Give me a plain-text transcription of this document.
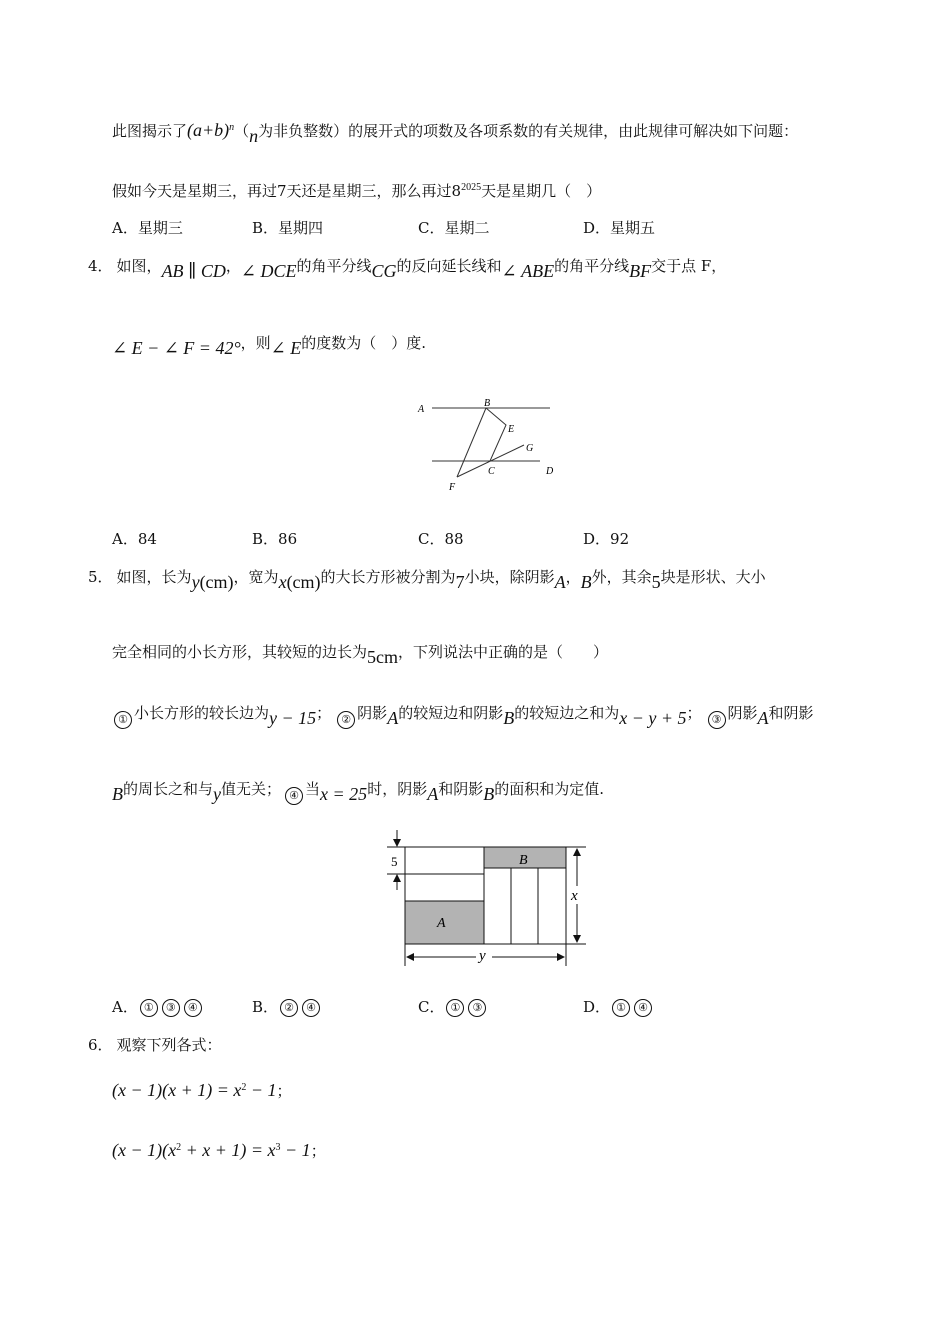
此图揭示了$(a+b)^n(n$为非负整数）的展开式的项数及各项系数的有关规律，由此规律可解决如下问题：
假如今天是星期三，再过7天还是星期三，那么再过$8^{2025}$天是星期几（　）
A．星期三	B．星期四	C．星期二	D．星期五
4． 如图，AB ∥ CD，∠ DCE的角平分线CG的反向延长线和∠ ABE的角平分线BF交于点 F，
∠ E − ∠ F = 42°，则∠ E的度数为（　）度.
A
B
E
G
C	D
F
A．84	B．86	C．88	D．92
5． 如图，长为y(cm)，宽为x(cm)的大长方形被分割为7小块，除阴影A，B外，其余5块是形状、大小
完全相同的小长方形，其较短的边长为5cm，下列说法中正确的是（　　）
① 小长方形的较长边为y − 15； ② 阴影A的较短边和阴影B的较短边之和为x − y + 5； ③ 阴影A和阴影
B的周长之和与y值无关； ④ 当x = 25时，阴影A和阴影B的面积和为定值.
A
B
5
x
y
A． ① ③ ④	B． ② ④	C． ① ③	D． ① ④
6． 观察下列各式：
$(x - 1)(x + 1) = x^2 - 1$；
$(x - 1)(x^2 + x + 1) = x^3 - 1$；
